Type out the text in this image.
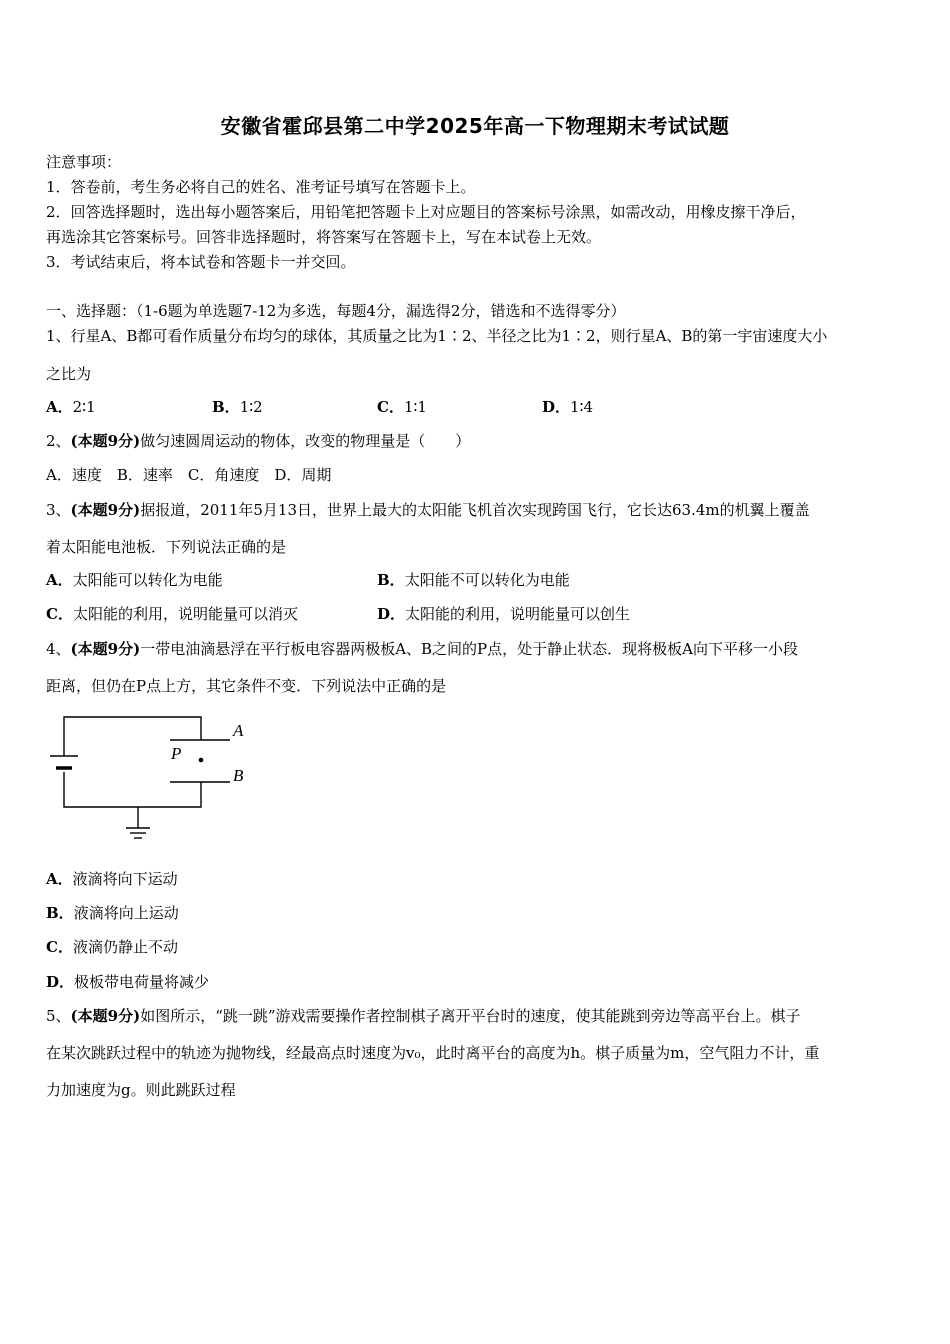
安徽省霍邱县第二中学2025年高一下物理期末考试试题
注意事项：
1．答卷前，考生务必将自己的姓名、准考证号填写在答题卡上。
2．回答选择题时，选出每小题答案后，用铅笔把答题卡上对应题目的答案标号涂黑，如需改动，用橡皮擦干净后，
再选涂其它答案标号。回答非选择题时，将答案写在答题卡上，写在本试卷上无效。
3．考试结束后，将本试卷和答题卡一并交回。
一、选择题：（1-6题为单选题7-12为多选，每题4分，漏选得2分，错选和不选得零分）
1、行星A、B都可看作质量分布均匀的球体，其质量之比为1∶2、半径之比为1∶2，则行星A、B的第一宇宙速度大小
之比为
A．2∶1	B．1∶2	C．1∶1	D．1∶4
2、(本题9分)做匀速圆周运动的物体，改变的物理量是（　　）
A．速度　B．速率　C．角速度　D．周期
3、(本题9分)据报道，2011年5月13日，世界上最大的太阳能飞机首次实现跨国飞行，它长达63.4m的机翼上覆盖
着太阳能电池板．下列说法正确的是
A．太阳能可以转化为电能	B．太阳能不可以转化为电能
C．太阳能的利用，说明能量可以消灭	D．太阳能的利用，说明能量可以创生
4、(本题9分)一带电油滴悬浮在平行板电容器两极板A、B之间的P点，处于静止状态．现将极板A向下平移一小段
距离，但仍在P点上方，其它条件不变．下列说法中正确的是
A
B
P
A．液滴将向下运动
B．液滴将向上运动
C．液滴仍静止不动
D．极板带电荷量将减少
5、(本题9分)如图所示，“跳一跳”游戏需要操作者控制棋子离开平台时的速度，使其能跳到旁边等高平台上。棋子
在某次跳跃过程中的轨迹为抛物线，经最高点时速度为v₀，此时离平台的高度为h。棋子质量为m，空气阻力不计，重
力加速度为g。则此跳跃过程
